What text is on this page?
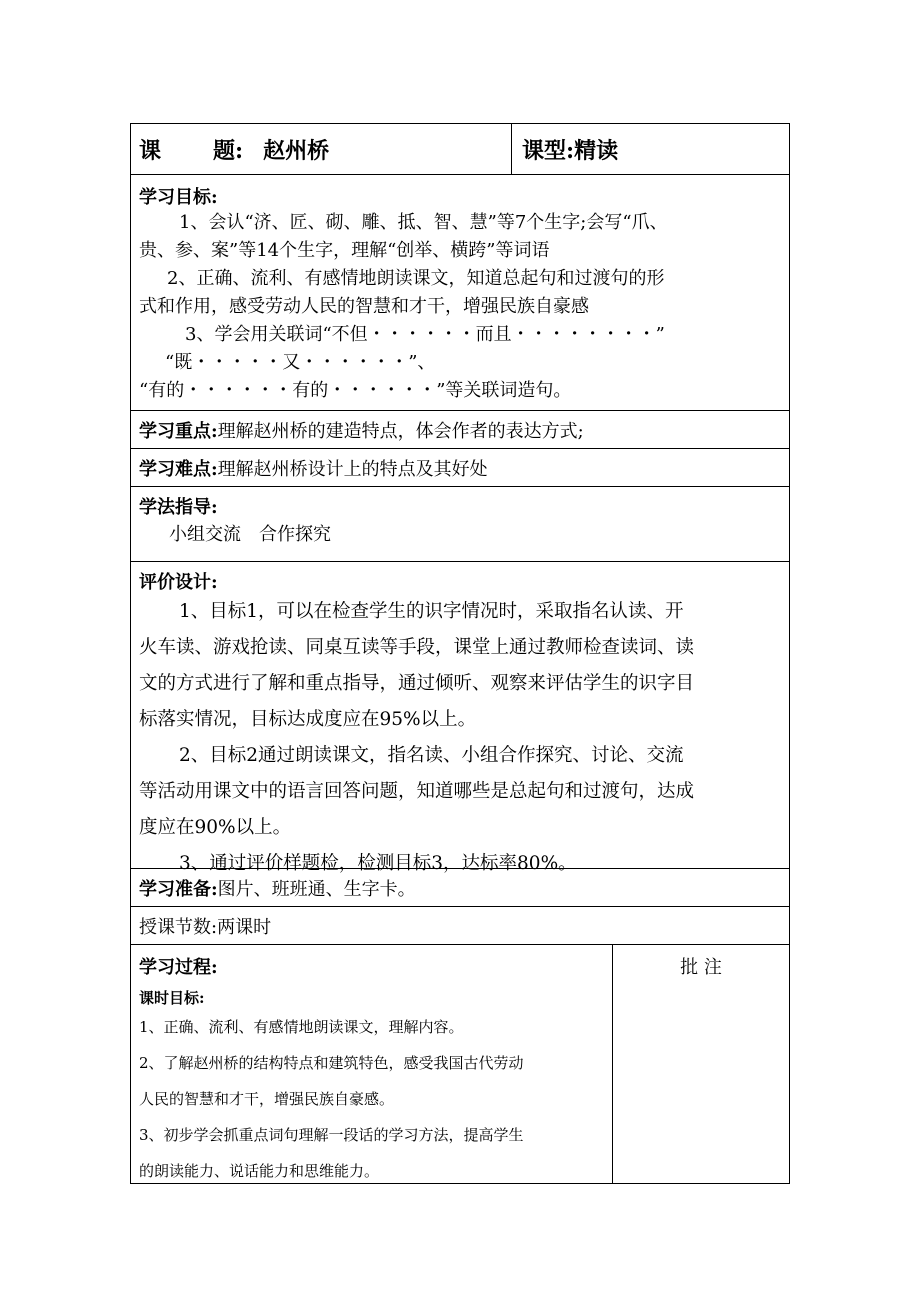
课 题: 赵州桥	课型: 精读
学习目标:

1、会认“济、匠、砌、雕、抵、智、慧”等7个生字;会写“爪、

贵、参、案”等14个生字，理解“创举、横跨”等词语

2、正确、流利、有感情地朗读课文，知道总起句和过渡句的形

式和作用，感受劳动人民的智慧和才干，增强民族自豪感

3、学会用关联词“不但・・・・・・而且・・・・・・・・”

“既・・・・・又・・・・・・”、

“有的・・・・・・有的・・・・・・”等关联词造句。

学习重点: 理解赵州桥的建造特点，体会作者的表达方式;
学习难点: 理解赵州桥设计上的特点及其好处
学法指导:

小组交流　合作探究

评价设计:

1、目标1，可以在检查学生的识字情况时，采取指名认读、开

火车读、游戏抢读、同桌互读等手段，课堂上通过教师检查读词、读

文的方式进行了解和重点指导，通过倾听、观察来评估学生的识字目

标落实情况，目标达成度应在95%以上。

2、目标2通过朗读课文，指名读、小组合作探究、讨论、交流

等活动用课文中的语言回答问题，知道哪些是总起句和过渡句，达成

度应在90%以上。

3、通过评价样题检，检测目标3，达标率80%。

学习准备: 图片、班班通、生字卡。
授课节数: 两课时
学习过程:

课时目标:

1、正确、流利、有感情地朗读课文，理解内容。

2、了解赵州桥的结构特点和建筑特色，感受我国古代劳动

人民的智慧和才干，增强民族自豪感。

3、初步学会抓重点词句理解一段话的学习方法，提高学生

的朗读能力、说话能力和思维能力。

批 注
